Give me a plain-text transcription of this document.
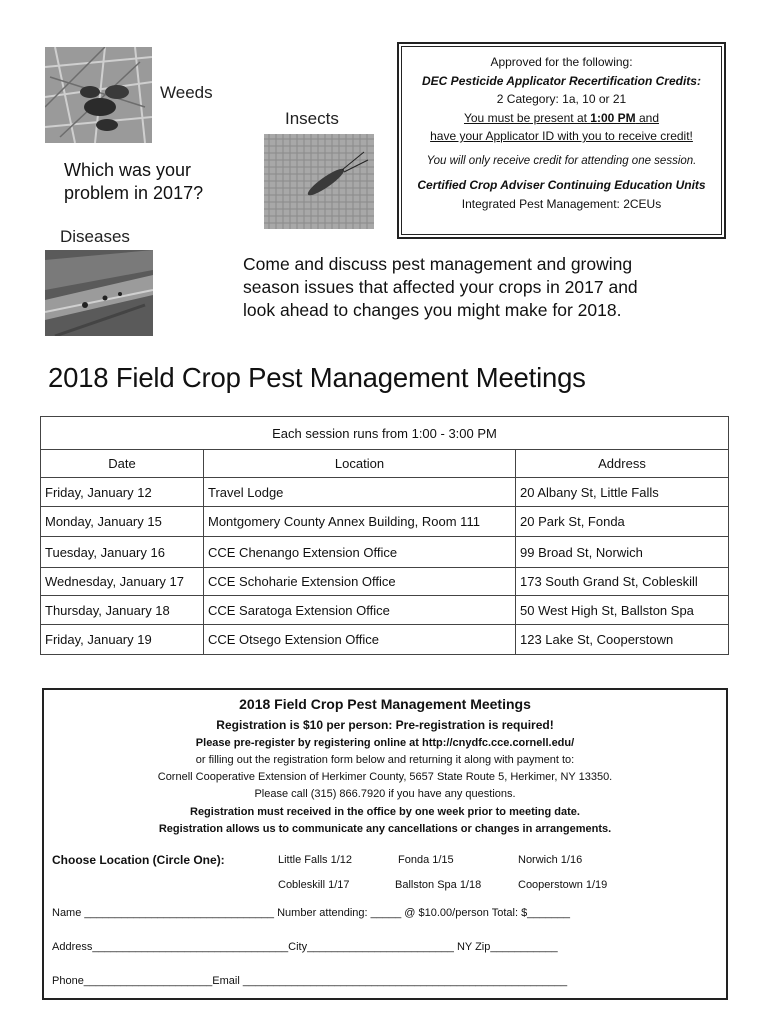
Weeds
Insects
Which was your
problem in 2017?
Diseases
Approved for the following:
DEC Pesticide Applicator Recertification Credits:
2 Category: 1a, 10 or 21
You must be present at 1:00 PM and
have your Applicator ID with you to receive credit!
You will only receive credit for attending one session.
Certified Crop Adviser Continuing Education Units
Integrated Pest Management: 2CEUs
Come and discuss pest management and growing
season issues that affected your crops in 2017 and
look ahead to changes you might make for 2018.
2018 Field Crop Pest Management Meetings
Each session runs from 1:00 - 3:00 PM		
Date	Location	Address
Friday, January 12	Travel Lodge	20 Albany St, Little Falls
Monday, January 15	Montgomery County Annex Building, Room 111	20 Park St, Fonda
Tuesday, January 16	CCE Chenango Extension Office	99 Broad St, Norwich
Wednesday, January 17	CCE Schoharie Extension Office	173 South Grand St, Cobleskill
Thursday, January 18	CCE Saratoga Extension Office	50 West High St, Ballston Spa
Friday, January 19	CCE Otsego Extension Office	123 Lake St, Cooperstown
2018 Field Crop Pest Management Meetings
Registration is $10 per person: Pre-registration is required!
Please pre-register by registering online at http://cnydfc.cce.cornell.edu/
or filling out the registration form below and returning it along with payment to:
Cornell Cooperative Extension of Herkimer County, 5657 State Route 5, Herkimer, NY 13350.
Please call (315) 866.7920 if you have any questions.
Registration must received in the office by one week prior to meeting date.
Registration allows us to communicate any cancellations or changes in arrangements.
Choose Location (Circle One):	Little Falls 1/12	Fonda 1/15	Norwich 1/16
Cobleskill 1/17	Ballston Spa 1/18	Cooperstown 1/19
Name _______________________________ Number attending: _____ @ $10.00/person Total: $_______
Address________________________________City________________________ NY Zip___________
Phone_____________________Email _____________________________________________________
